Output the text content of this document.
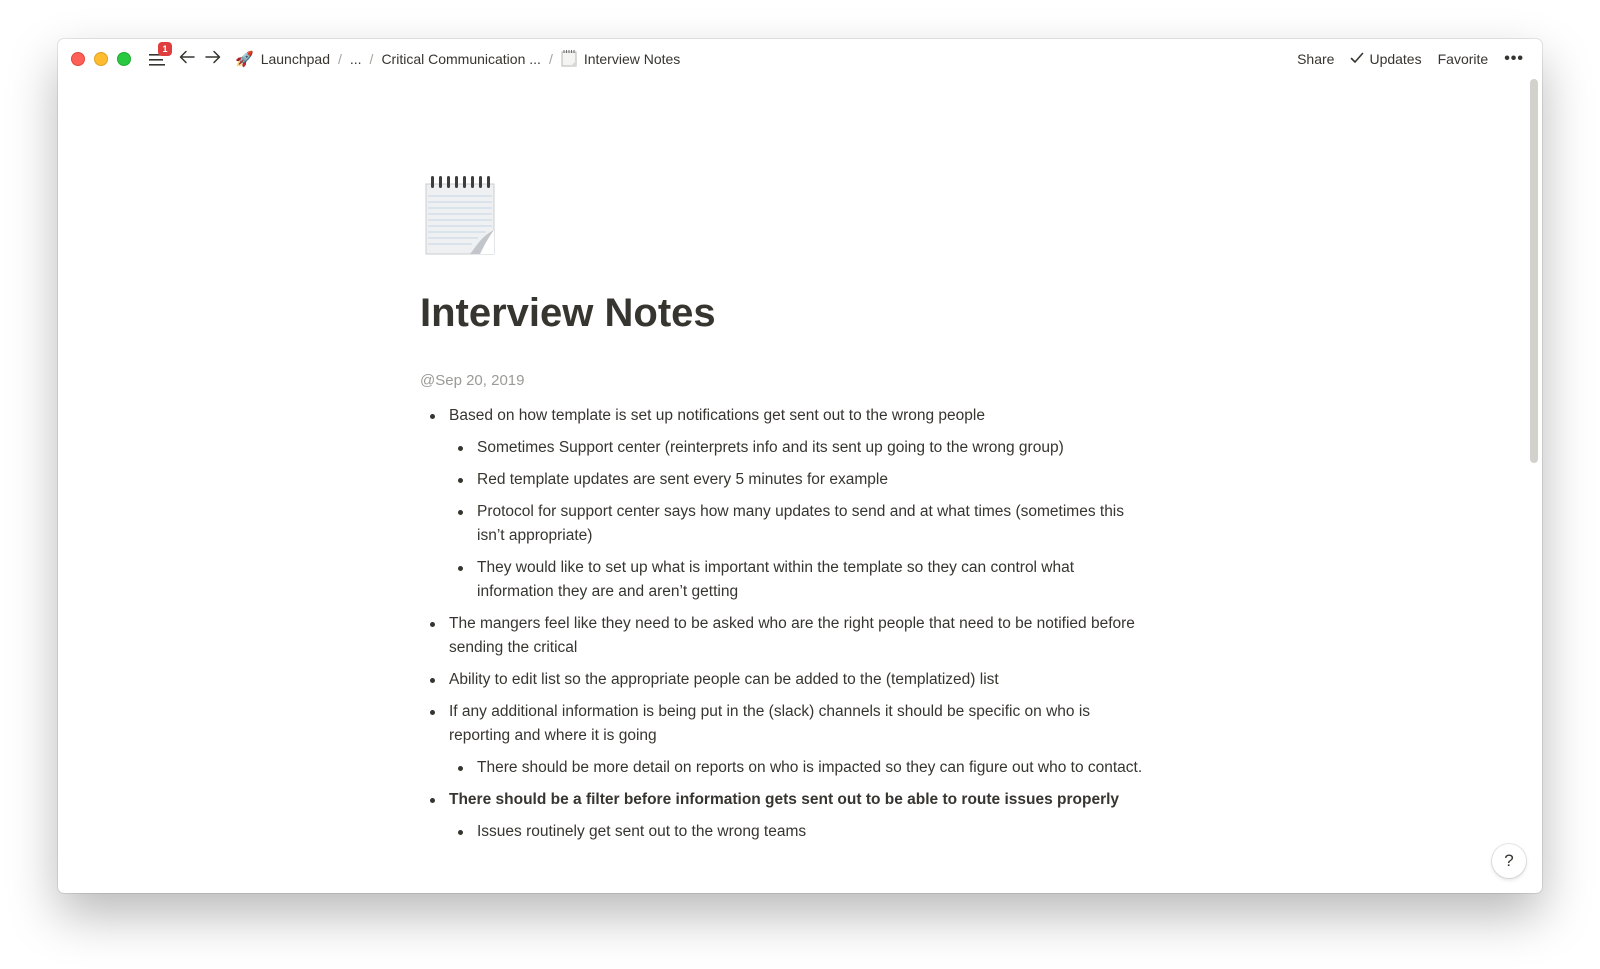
1
🚀 Launchpad / ... / Critical Communication ... / Interview Notes	Share	Updates Favorite •••
Interview Notes
@Sep 20, 2019
Based on how template is set up notifications get sent out to the wrong people
Sometimes Support center (reinterprets info and its sent up going to the wrong group)
Red template updates are sent every 5 minutes for example
Protocol for support center says how many updates to send and at what times (sometimes this isn’t appropriate)
They would like to set up what is important within the template so they can control what information they are and aren’t getting
The mangers feel like they need to be asked who are the right people that need to be notified before sending the critical
Ability to edit list so the appropriate people can be added to the (templatized) list
If any additional information is being put in the (slack) channels it should be specific on who is reporting and where it is going
There should be more detail on reports on who is impacted so they can figure out who to contact.
There should be a filter before information gets sent out to be able to route issues properly
Issues routinely get sent out to the wrong teams
?
